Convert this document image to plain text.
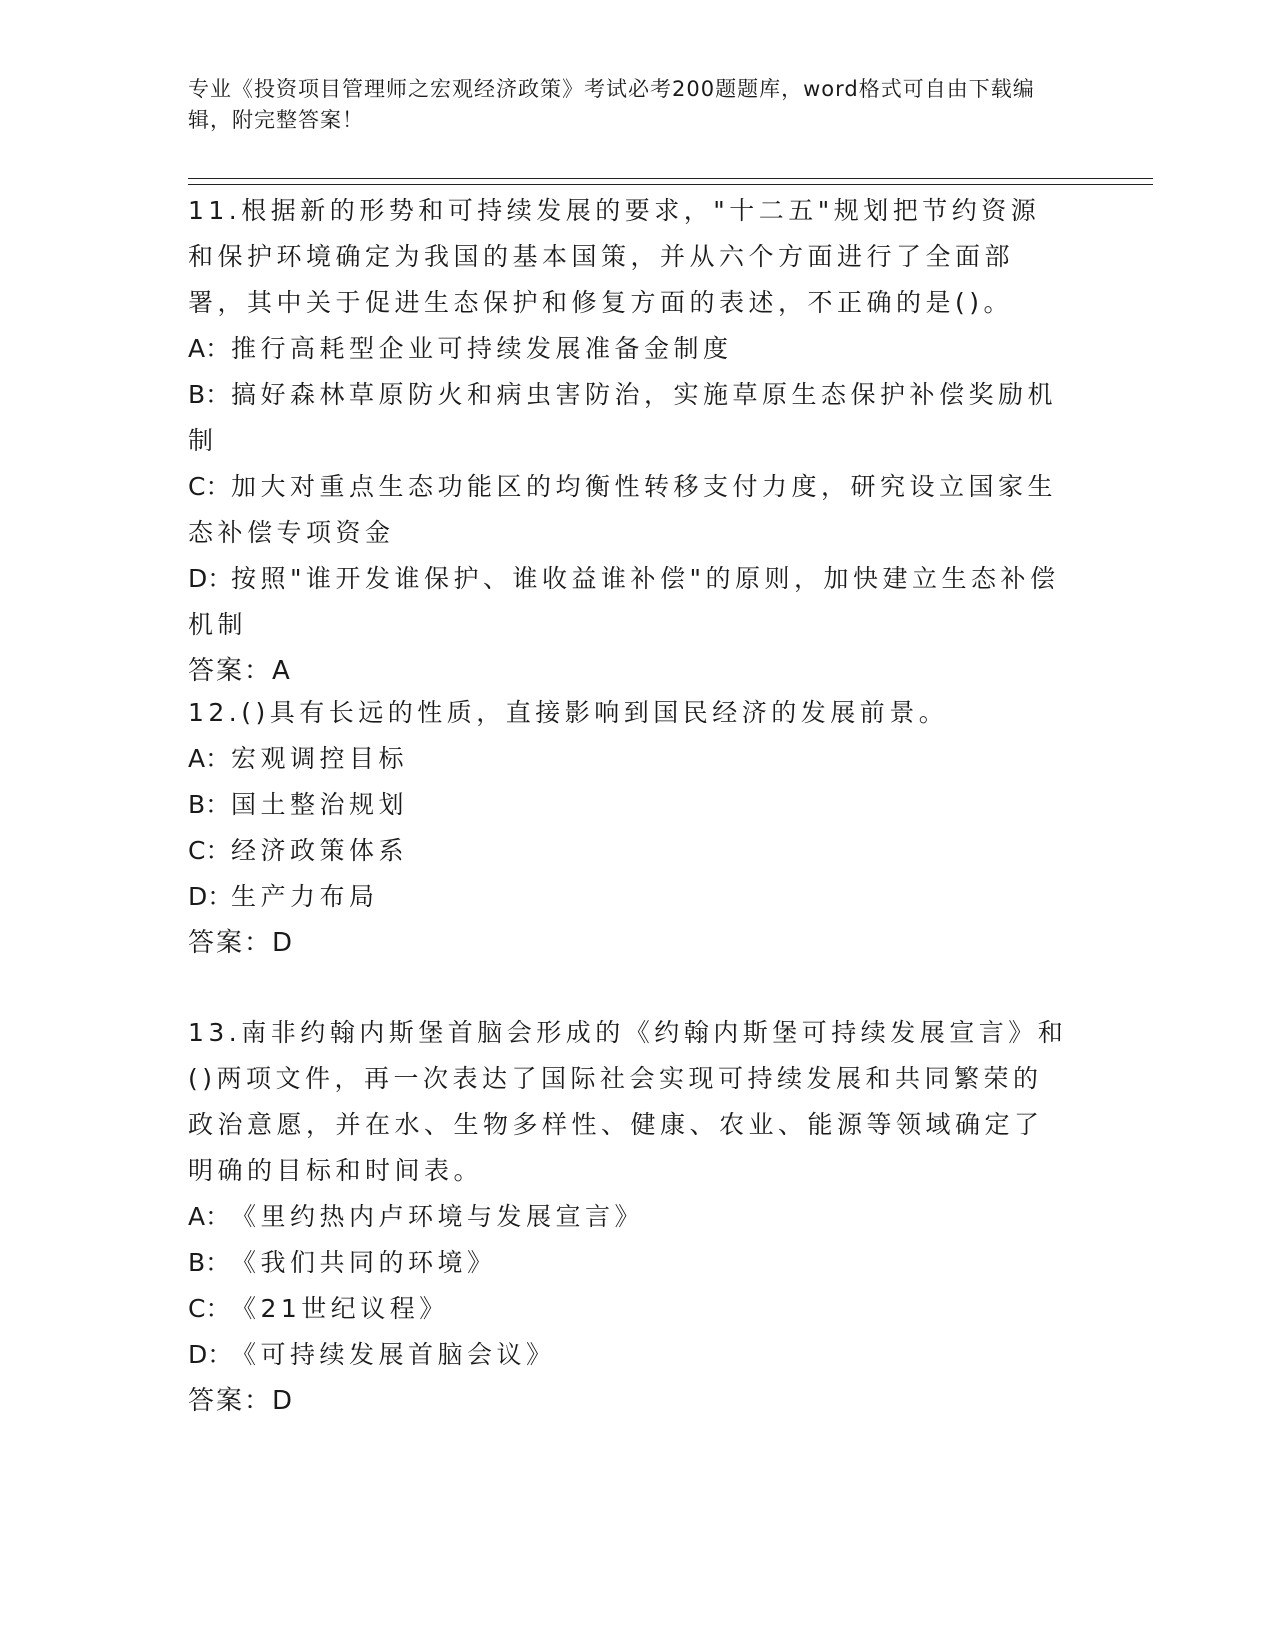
专业《投资项目管理师之宏观经济政策》考试必考200题题库，word格式可自由下载编辑，附完整答案！

11.根据新的形势和可持续发展的要求，"十二五"规划把节约资源和保护环境确定为我国的基本国策，并从六个方面进行了全面部署，其中关于促进生态保护和修复方面的表述，不正确的是()。

A：推行高耗型企业可持续发展准备金制度

B：搞好森林草原防火和病虫害防治，实施草原生态保护补偿奖励机制

C：加大对重点生态功能区的均衡性转移支付力度，研究设立国家生态补偿专项资金

D：按照"谁开发谁保护、谁收益谁补偿"的原则，加快建立生态补偿机制

答案：A

12.()具有长远的性质，直接影响到国民经济的发展前景。

A：宏观调控目标

B：国土整治规划

C：经济政策体系

D：生产力布局

答案：D

13.南非约翰内斯堡首脑会形成的《约翰内斯堡可持续发展宣言》和()两项文件，再一次表达了国际社会实现可持续发展和共同繁荣的政治意愿，并在水、生物多样性、健康、农业、能源等领域确定了明确的目标和时间表。

A：《里约热内卢环境与发展宣言》

B：《我们共同的环境》

C：《21世纪议程》

D：《可持续发展首脑会议》

答案：D
